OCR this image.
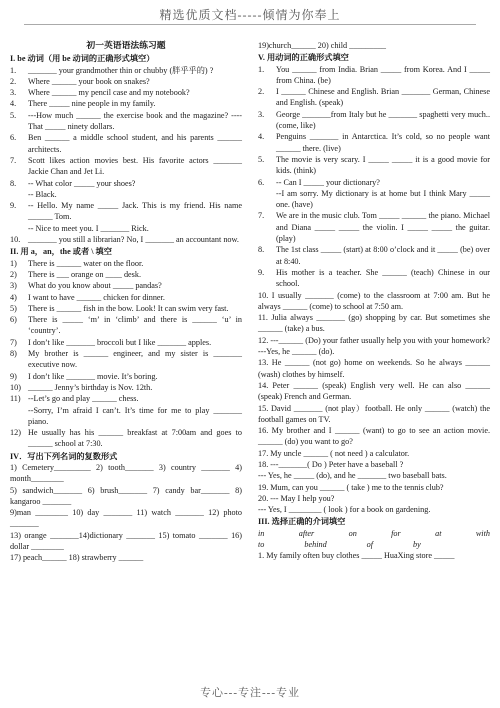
精选优质文档-----倾情为你奉上
初一英语语法练习题
I. be 动词（用 be 动词的正确形式填空）
1.	_______ your grandmother thin or chubby (胖乎乎的) ?
2.	Where ______ your book on snakes?
3.	Where ______ my pencil case and my notebook?
4.	There _____ nine people in my family.
5.	---How much ______ the exercise book and the magazine? ----That _____ ninety dollars.
6.	Ben ______ a middle school student, and his parents ______ architects.
7.	Scott likes action movies best. His favorite actors _______ Jackie Chan and Jet Li.
8.	-- What color _____ your shoes?
-- Black.
9.	-- Hello. My name _____ Jack. This is my friend. His name ______ Tom.
-- Nice to meet you. I _______ Rick.
10. _______ you still a librarian? No, I _______ an accountant now.
II. 用 a，an，the 或者 \ 填空
1)	There is ______ water on the floor.
2)	There is ___ orange on ____ desk.
3)	What do you know about _____ pandas?
4)	I want to have ______ chicken for dinner.
5)	There is ______ fish in the bow. Look! It can swim very fast.
6)	There is _____ ‘m’ in ‘climb’ and there is ______ ‘u’ in ‘country’.
7)	I don’t like _______ broccoli but I like _______ apples.
8)	My brother is ______ engineer, and my sister is _______ executive now.
9)	I don’t like _______ movie. It’s boring.
10) ______ Jenny’s birthday is Nov. 12th.
11) --Let’s go and play ______ chess.
--Sorry, I’m afraid I can’t. It’s time for me to play _______ piano.
12) He usually has his ______ breakfast at 7:00am and goes to ______ school at 7:30.
IV．写出下列名词的复数形式
1) Cemetery_________ 2) tooth_______ 3) country _______ 4) month________
5) sandwich_______ 6) brush_______ 7) candy bar_______ 8) kangaroo _______
9)man ________ 10) day _______ 11) watch _______ 12) photo _______
13) orange _______14)dictionary _______ 15) tomato _______ 16) dollar ________
17) peach______ 18) strawberry ______
19)church______ 20) child _________
V. 用动词的正确形式填空
1.	You ______ from India. Brian _____ from Korea. And I _____ from China. (be)
2.	I ______ Chinese and English. Brian _______ German, Chinese and English. (speak)
3.	George _______from Italy but he _______ spaghetti very much.. (come, like)
4.	Penguins _______ in Antarctica. It’s cold, so no people want ______ there. (live)
5.	The movie is very scary. I _____ _____ it is a good movie for kids. (think)
6.	-- Can I _____ your dictionary?
--I am sorry. My dictionary is at home but I think Mary _____ one. (have)
7.	We are in the music club. Tom _____ ______ the piano. Michael and Diana _____ _____ the violin. I _____ _____ the guitar. (play)
8.	The 1st class _____ (start) at 8:00 o’clock and it _____ (be) over at 8:40.
9.	His mother is a teacher. She ______ (teach) Chinese in our school.
10. I usually _______ (come) to the classroom at 7:00 am. But he always ______ (come) to school at 7:50 am.
11. Julia always _______ (go) shopping by car. But sometimes she ______ (take) a bus.
12. ---______ (Do) your father usually help you with your homework? ---Yes, he ______ (do).
13. He ______ (not go) home on weekends. So he always ______ (wash) clothes by himself.
14. Peter ______ (speak) English very well. He can also ______ (speak) French and German.
15. David _______ (not play）football. He only ______ (watch) the football games on TV.
16. My brother and I ______ (want) to go to see an action movie. ______ (do) you want to go?
17. My uncle ______ ( not need ) a calculator.
18. ---_______( Do ) Peter have a baseball ?
--- Yes, he _____ (do), and he _______ two baseball bats.
19. Mum, can you ______ ( take ) me to the tennis club?
20. --- May I help you?
--- Yes, I ________ ( look ) for a book on gardening.
III. 选择正确的介词填空
in	after	on	for	at	with
to	behind	of	by
1. My family often buy clothes _____ HuaXing store _____
专心---专注---专业
